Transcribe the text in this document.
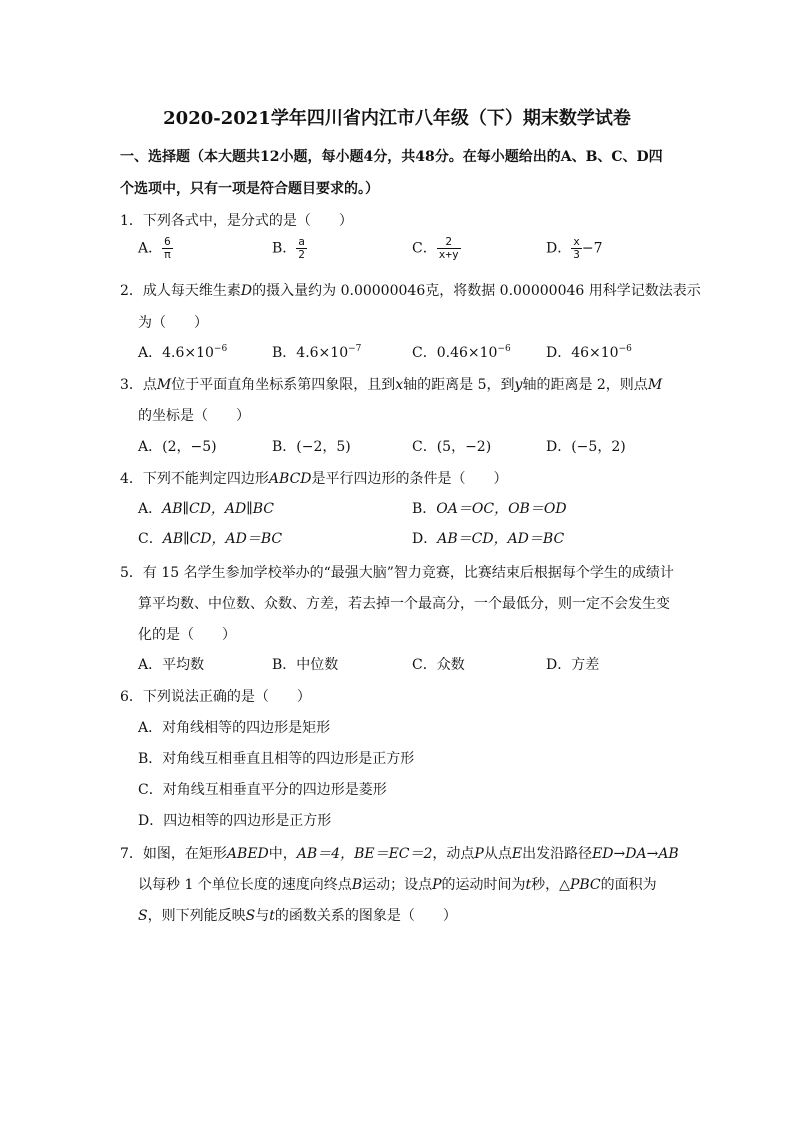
2020-2021学年四川省内江市八年级（下）期末数学试卷
一、选择题（本大题共12小题，每小题4分，共48分。在每小题给出的A、B、C、D四
个选项中，只有一项是符合题目要求的。）
1．下列各式中，是分式的是（　　）
A． $\frac{6}{\pi}$	B． $\frac{a}{2}$	C． $\frac{2}{x+y}$	D． $\frac{x}{3} -7$
2．成人每天维生素D的摄入量约为 0.00000046克，将数据 0.00000046 用科学记数法表示
为（　　）
A．$4.6\times 10^{-6}$	B．$4.6\times 10^{-7}$	C．$0.46\times 10^{-6}$	D．$46\times 10^{-6}$
3．点M位于平面直角坐标系第四象限，且到x轴的距离是 5，到y轴的距离是 2，则点M
的坐标是（　　）
A．(2，−5)	B．(−2，5)	C．(5，−2)	D．(−5，2)
4．下列不能判定四边形ABCD是平行四边形的条件是（　　）
A．AB∥CD，AD∥BC	B．OA＝OC，OB＝OD
C．AB∥CD，AD＝BC	D．AB＝CD，AD＝BC
5．有 15 名学生参加学校举办的“最强大脑”智力竞赛，比赛结束后根据每个学生的成绩计
算平均数、中位数、众数、方差，若去掉一个最高分，一个最低分，则一定不会发生变
化的是（　　）
A．平均数	B．中位数	C．众数	D．方差
6．下列说法正确的是（　　）
A．对角线相等的四边形是矩形
B．对角线互相垂直且相等的四边形是正方形
C．对角线互相垂直平分的四边形是菱形
D．四边相等的四边形是正方形
7．如图，在矩形ABED中，AB＝4，BE＝EC＝2，动点P从点E出发沿路径ED→DA→AB
以每秒 1 个单位长度的速度向终点B运动；设点P的运动时间为t秒，△PBC的面积为
S，则下列能反映S与t的函数关系的图象是（　　）
